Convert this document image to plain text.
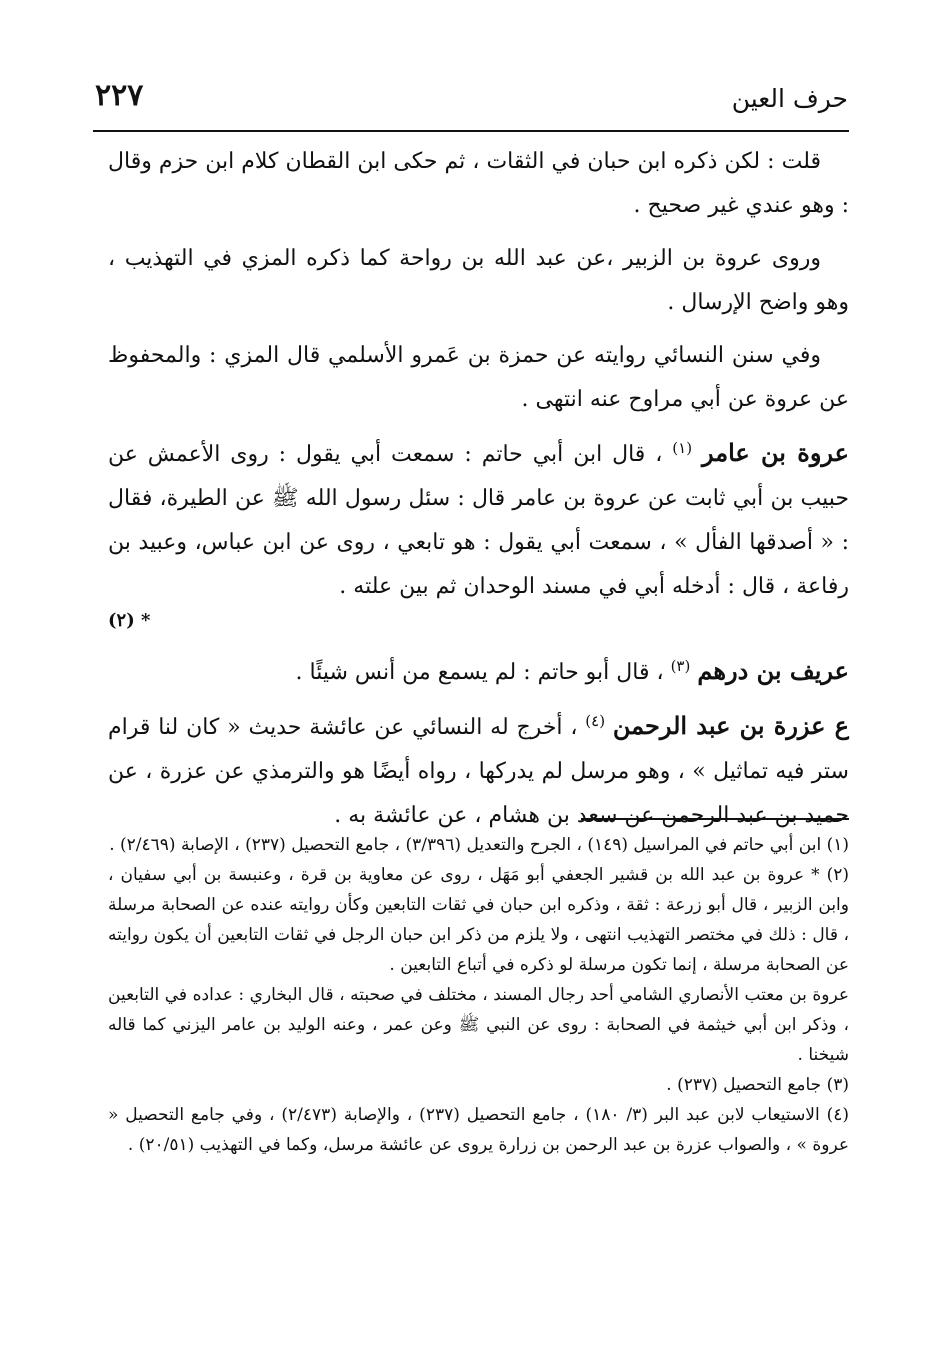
٢٢٧	حرف العين

قلت : لكن ذكره ابن حبان في الثقات ، ثم حكى ابن القطان كلام ابن حزم وقال : وهو عندي غير صحيح .

وروى عروة بن الزبير ،عن عبد الله بن رواحة كما ذكره المزي في التهذيب ، وهو واضح الإرسال .

وفي سنن النسائي روايته عن حمزة بن عَمرو الأسلمي قال المزي : والمحفوظ عن عروة عن أبي مراوح عنه انتهى .

عروة بن عامر $^{(١)}$ ، قال ابن أبي حاتم : سمعت أبي يقول : روى الأعمش عن حبيب بن أبي ثابت عن عروة بن عامر قال : سئل رسول الله ﷺ عن الطيرة، فقال : « أصدقها الفأل » ، سمعت أبي يقول : هو تابعي ، روى عن ابن عباس، وعبيد بن رفاعة ، قال : أدخله أبي في مسند الوحدان ثم بين علته .

* (٢)

عريف بن درهم $^{(٣)}$ ، قال أبو حاتم : لم يسمع من أنس شيئًا .

ع عزرة بن عبد الرحمن $^{(٤)}$ ، أخرج له النسائي عن عائشة حديث « كان لنا قرام ستر فيه تماثيل » ، وهو مرسل لم يدركها ، رواه أيضًا هو والترمذي عن عزرة ، عن حميد بن عبد الرحمن عن سعد بن هشام ، عن عائشة به .

(١) ابن أبي حاتم في المراسيل (١٤٩) ، الجرح والتعديل (٣/٣٩٦) ، جامع التحصيل (٢٣٧) ، الإصابة (٢/٤٦٩) .

(٢) * عروة بن عبد الله بن قشير الجعفي أبو مَهَل ، روى عن معاوية بن قرة ، وعنبسة بن أبي سفيان ، وابن الزبير ، قال أبو زرعة : ثقة ، وذكره ابن حبان في ثقات التابعين وكأن روايته عنده عن الصحابة مرسلة ، قال : ذلك في مختصر التهذيب انتهى ، ولا يلزم من ذكر ابن حبان الرجل في ثقات التابعين أن يكون روايته عن الصحابة مرسلة ، إنما تكون مرسلة لو ذكره في أتباع التابعين .

عروة بن معتب الأنصاري الشامي أحد رجال المسند ، مختلف في صحبته ، قال البخاري : عداده في التابعين ، وذكر ابن أبي خيثمة في الصحابة : روى عن النبي ﷺ وعن عمر ، وعنه الوليد بن عامر اليزني كما قاله شيخنا .

(٣) جامع التحصيل (٢٣٧) .

(٤) الاستيعاب لابن عبد البر (٣/ ١٨٠) ، جامع التحصيل (٢٣٧) ، والإصابة (٢/٤٧٣) ، وفي جامع التحصيل « عروة » ، والصواب عزرة بن عبد الرحمن بن زرارة يروى عن عائشة مرسل، وكما في التهذيب (٢٠/٥١) .
